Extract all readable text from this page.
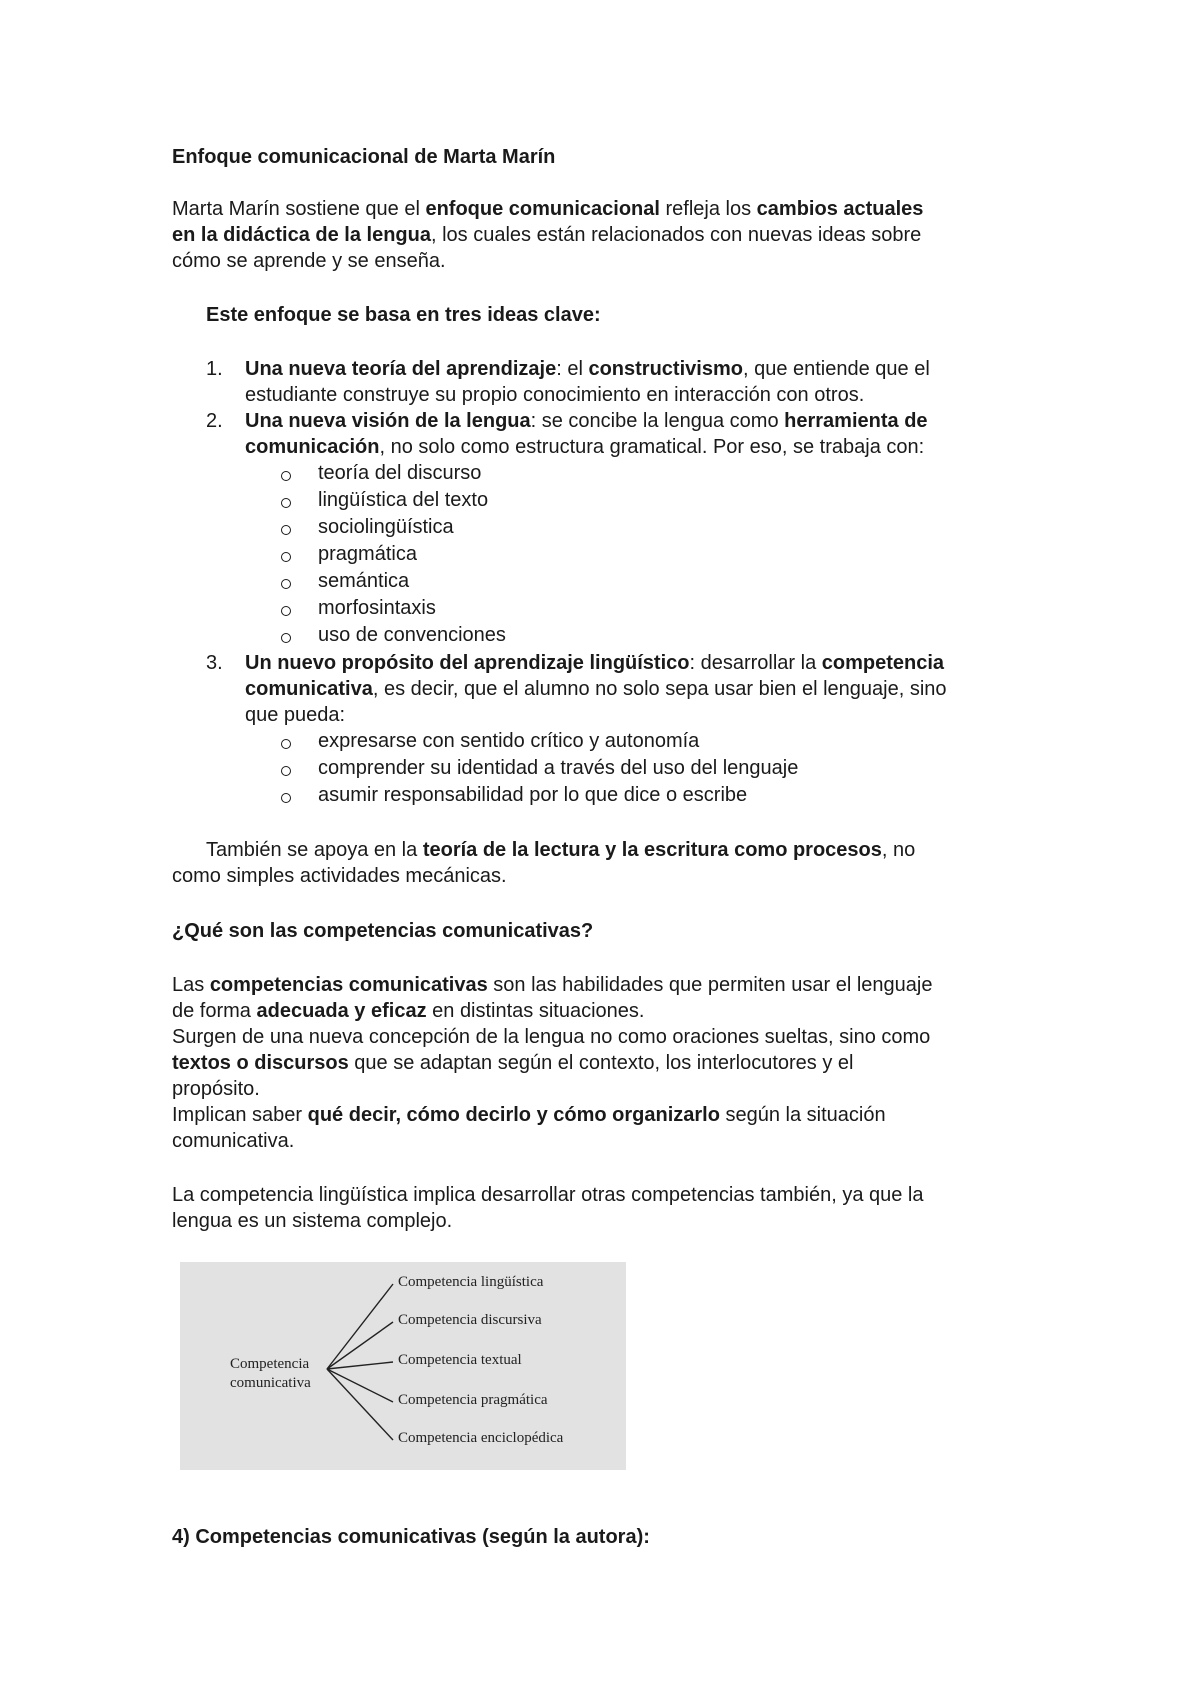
Enfoque comunicacional de Marta Marín
Marta Marín sostiene que el enfoque comunicacional refleja los cambios actuales
en la didáctica de la lengua, los cuales están relacionados con nuevas ideas sobre
cómo se aprende y se enseña.
Este enfoque se basa en tres ideas clave:
1. Una nueva teoría del aprendizaje: el constructivismo, que entiende que el
estudiante construye su propio conocimiento en interacción con otros.
2. Una nueva visión de la lengua: se concibe la lengua como herramienta de
comunicación, no solo como estructura gramatical. Por eso, se trabaja con:
teoría del discurso
lingüística del texto
sociolingüística
pragmática
semántica
morfosintaxis
uso de convenciones
3. Un nuevo propósito del aprendizaje lingüístico: desarrollar la competencia
comunicativa, es decir, que el alumno no solo sepa usar bien el lenguaje, sino
que pueda:
expresarse con sentido crítico y autonomía
comprender su identidad a través del uso del lenguaje
asumir responsabilidad por lo que dice o escribe
También se apoya en la teoría de la lectura y la escritura como procesos, no
como simples actividades mecánicas.
¿Qué son las competencias comunicativas?
Las competencias comunicativas son las habilidades que permiten usar el lenguaje
de forma adecuada y eficaz en distintas situaciones.
Surgen de una nueva concepción de la lengua no como oraciones sueltas, sino como
textos o discursos que se adaptan según el contexto, los interlocutores y el
propósito.
Implican saber qué decir, cómo decirlo y cómo organizarlo según la situación
comunicativa.
La competencia lingüística implica desarrollar otras competencias también, ya que la
lengua es un sistema complejo.
Competencia
comunicativa
Competencia lingüística
Competencia discursiva
Competencia textual
Competencia pragmática
Competencia enciclopédica
4) Competencias comunicativas (según la autora):
